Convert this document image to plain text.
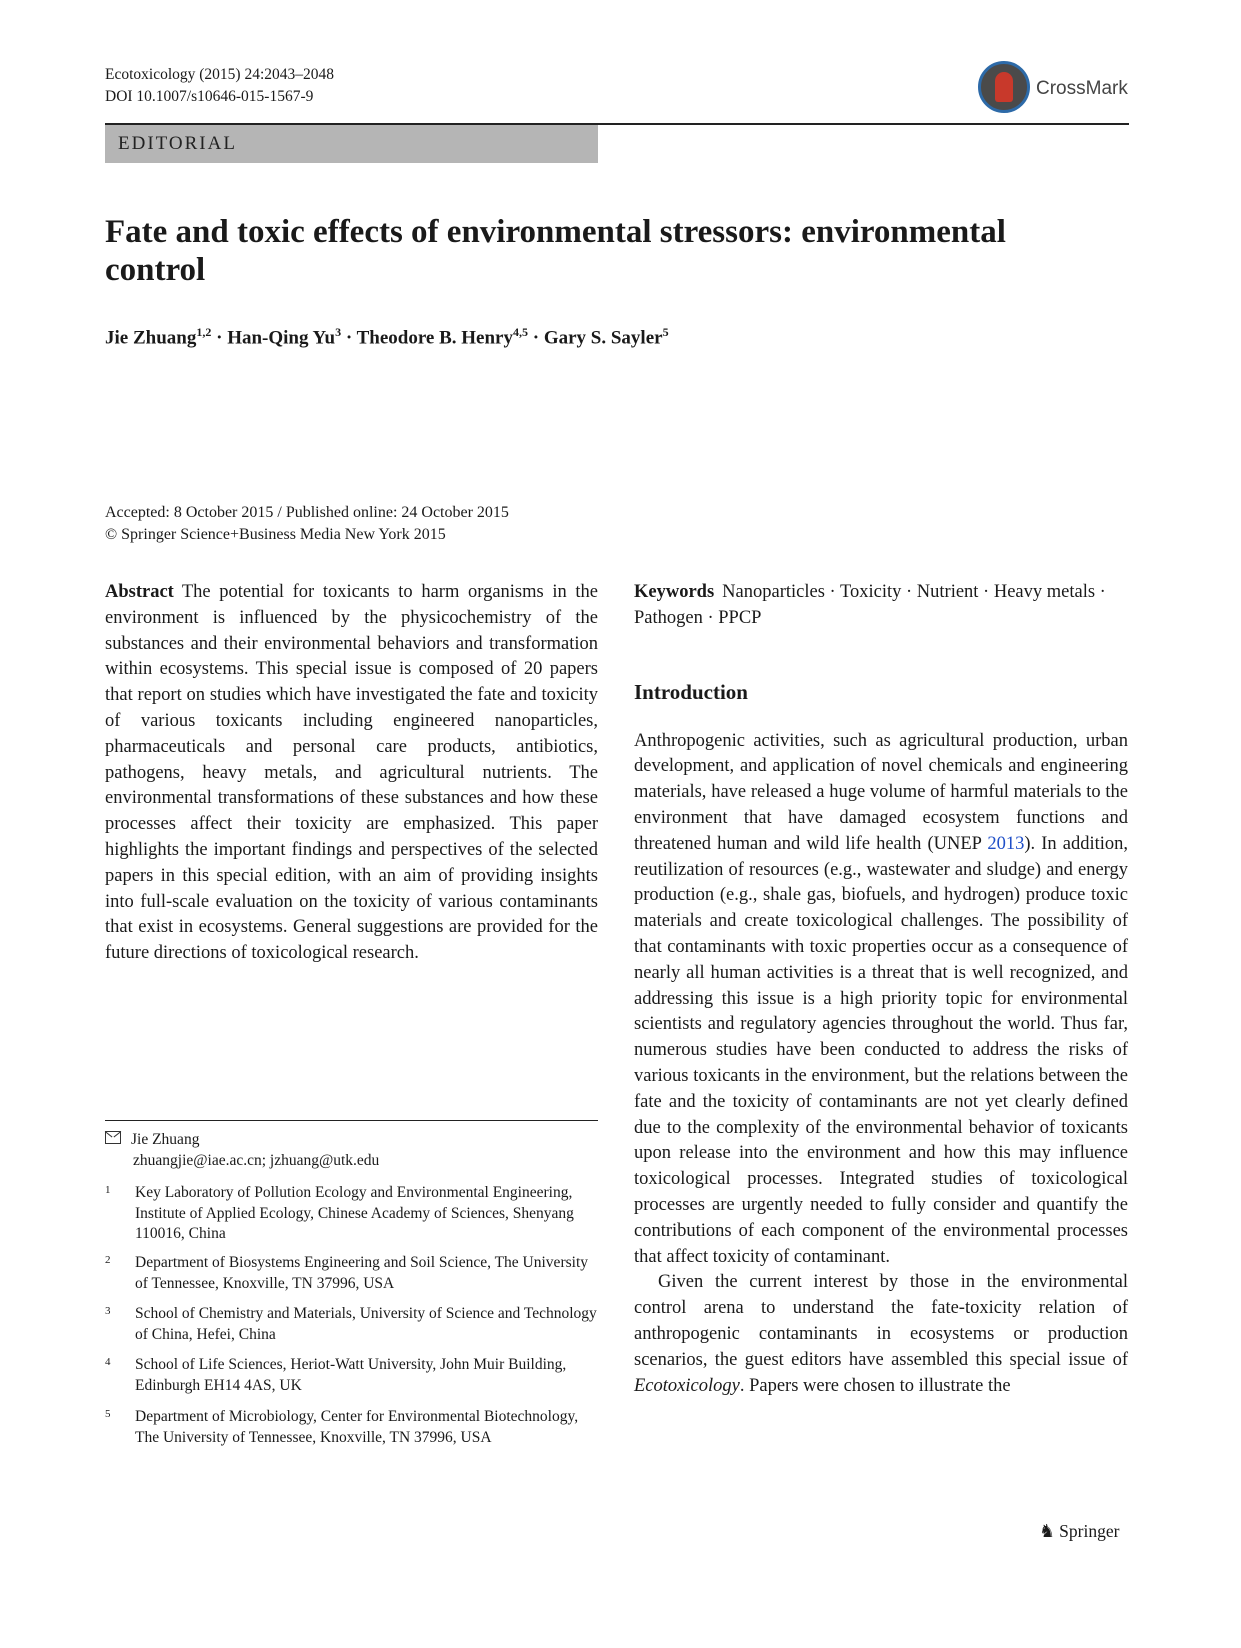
Ecotoxicology (2015) 24:2043–2048
DOI 10.1007/s10646-015-1567-9	CrossMark
EDITORIAL
Fate and toxic effects of environmental stressors: environmental control
Jie Zhuang$^{1,2}$ · Han-Qing $Yu^3$ · Theodore B. Henry$^{4,5}$ · Gary S. Sayler$^5$
Accepted: 8 October 2015 / Published online: 24 October 2015
© Springer Science+Business Media New York 2015

Abstract The potential for toxicants to harm organisms in the environment is influenced by the physicochemistry of the substances and their environmental behaviors and transformation within ecosystems. This special issue is composed of 20 papers that report on studies which have investigated the fate and toxicity of various toxicants including engineered nanoparticles, pharmaceuticals and personal care products, antibiotics, pathogens, heavy metals, and agricultural nutrients. The environmental transformations of these substances and how these processes affect their toxicity are emphasized. This paper highlights the important findings and perspectives of the selected papers in this special edition, with an aim of providing insights into full-scale evaluation on the toxicity of various contaminants that exist in ecosystems. General suggestions are provided for the future directions of toxicological research.

Keywords Nanoparticles · Toxicity · Nutrient · Heavy metals · Pathogen · PPCP

Introduction

Anthropogenic activities, such as agricultural production, urban development, and application of novel chemicals and engineering materials, have released a huge volume of harmful materials to the environment that have damaged ecosystem functions and threatened human and wild life health (UNEP 2013). In addition, reutilization of resources (e.g., wastewater and sludge) and energy production (e.g., shale gas, biofuels, and hydrogen) produce toxic materials and create toxicological challenges. The possibility of that contaminants with toxic properties occur as a consequence of nearly all human activities is a threat that is well recognized, and addressing this issue is a high priority topic for environmental scientists and regulatory agencies throughout the world. Thus far, numerous studies have been conducted to address the risks of various toxicants in the environment, but the relations between the fate and the toxicity of contaminants are not yet clearly defined due to the complexity of the environmental behavior of toxicants upon release into the environment and how this may influence toxicological processes. Integrated studies of toxicological processes are urgently needed to fully consider and quantify the contributions of each component of the environmental processes that affect toxicity of contaminant.

Given the current interest by those in the environmental control arena to understand the fate-toxicity relation of anthropogenic contaminants in ecosystems or production scenarios, the guest editors have assembled this special issue of Ecotoxicology. Papers were chosen to illustrate the

Jie Zhuang
zhuangjie@iae.ac.cn; jzhuang@utk.edu
1 Key Laboratory of Pollution Ecology and Environmental Engineering, Institute of Applied Ecology, Chinese Academy of Sciences, Shenyang 110016, China
2 Department of Biosystems Engineering and Soil Science, The University of Tennessee, Knoxville, TN 37996, USA
3 School of Chemistry and Materials, University of Science and Technology of China, Hefei, China
4 School of Life Sciences, Heriot-Watt University, John Muir Building, Edinburgh EH14 4AS, UK
5 Department of Microbiology, Center for Environmental Biotechnology, The University of Tennessee, Knoxville, TN 37996, USA
♞ Springer
